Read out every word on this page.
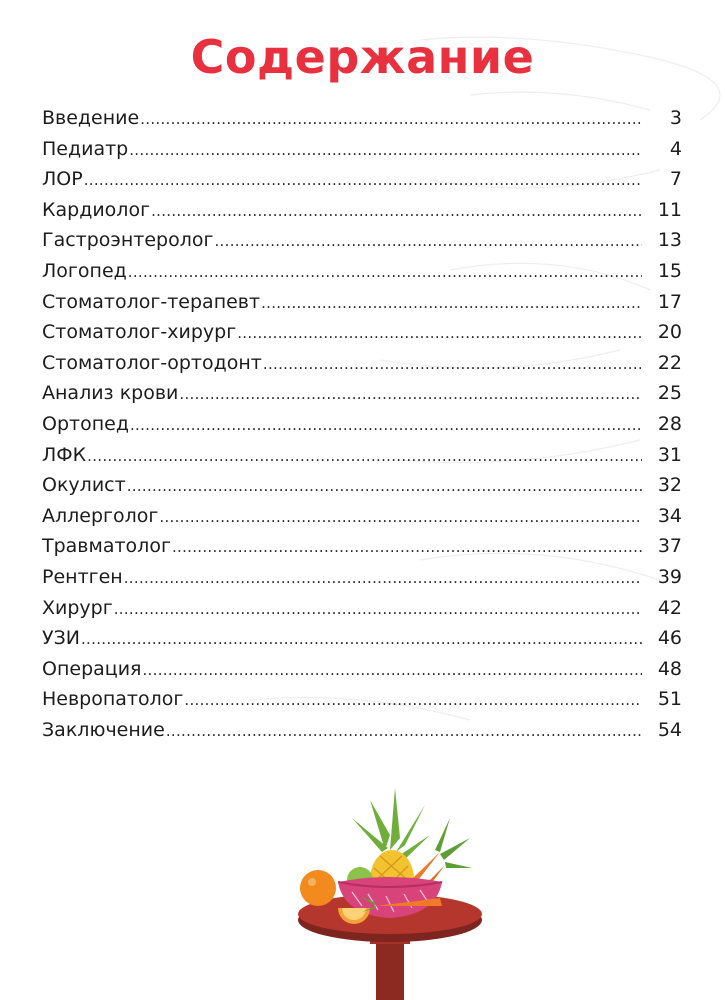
Содержание
Введение .....	3
Педиатр .....	4
ЛОР .....	7
Кардиолог .....	11
Гастроэнтеролог .....	13
Логопед .....	15
Стоматолог-терапевт .....	17
Стоматолог-хирург .....	20
Стоматолог-ортодонт .....	22
Анализ крови .....	25
Ортопед .....	28
ЛФК .....	31
Окулист .....	32
Аллерголог .....	34
Травматолог .....	37
Рентген .....	39
Хирург .....	42
УЗИ .....	46
Операция .....	48
Невропатолог .....	51
Заключение .....	54
